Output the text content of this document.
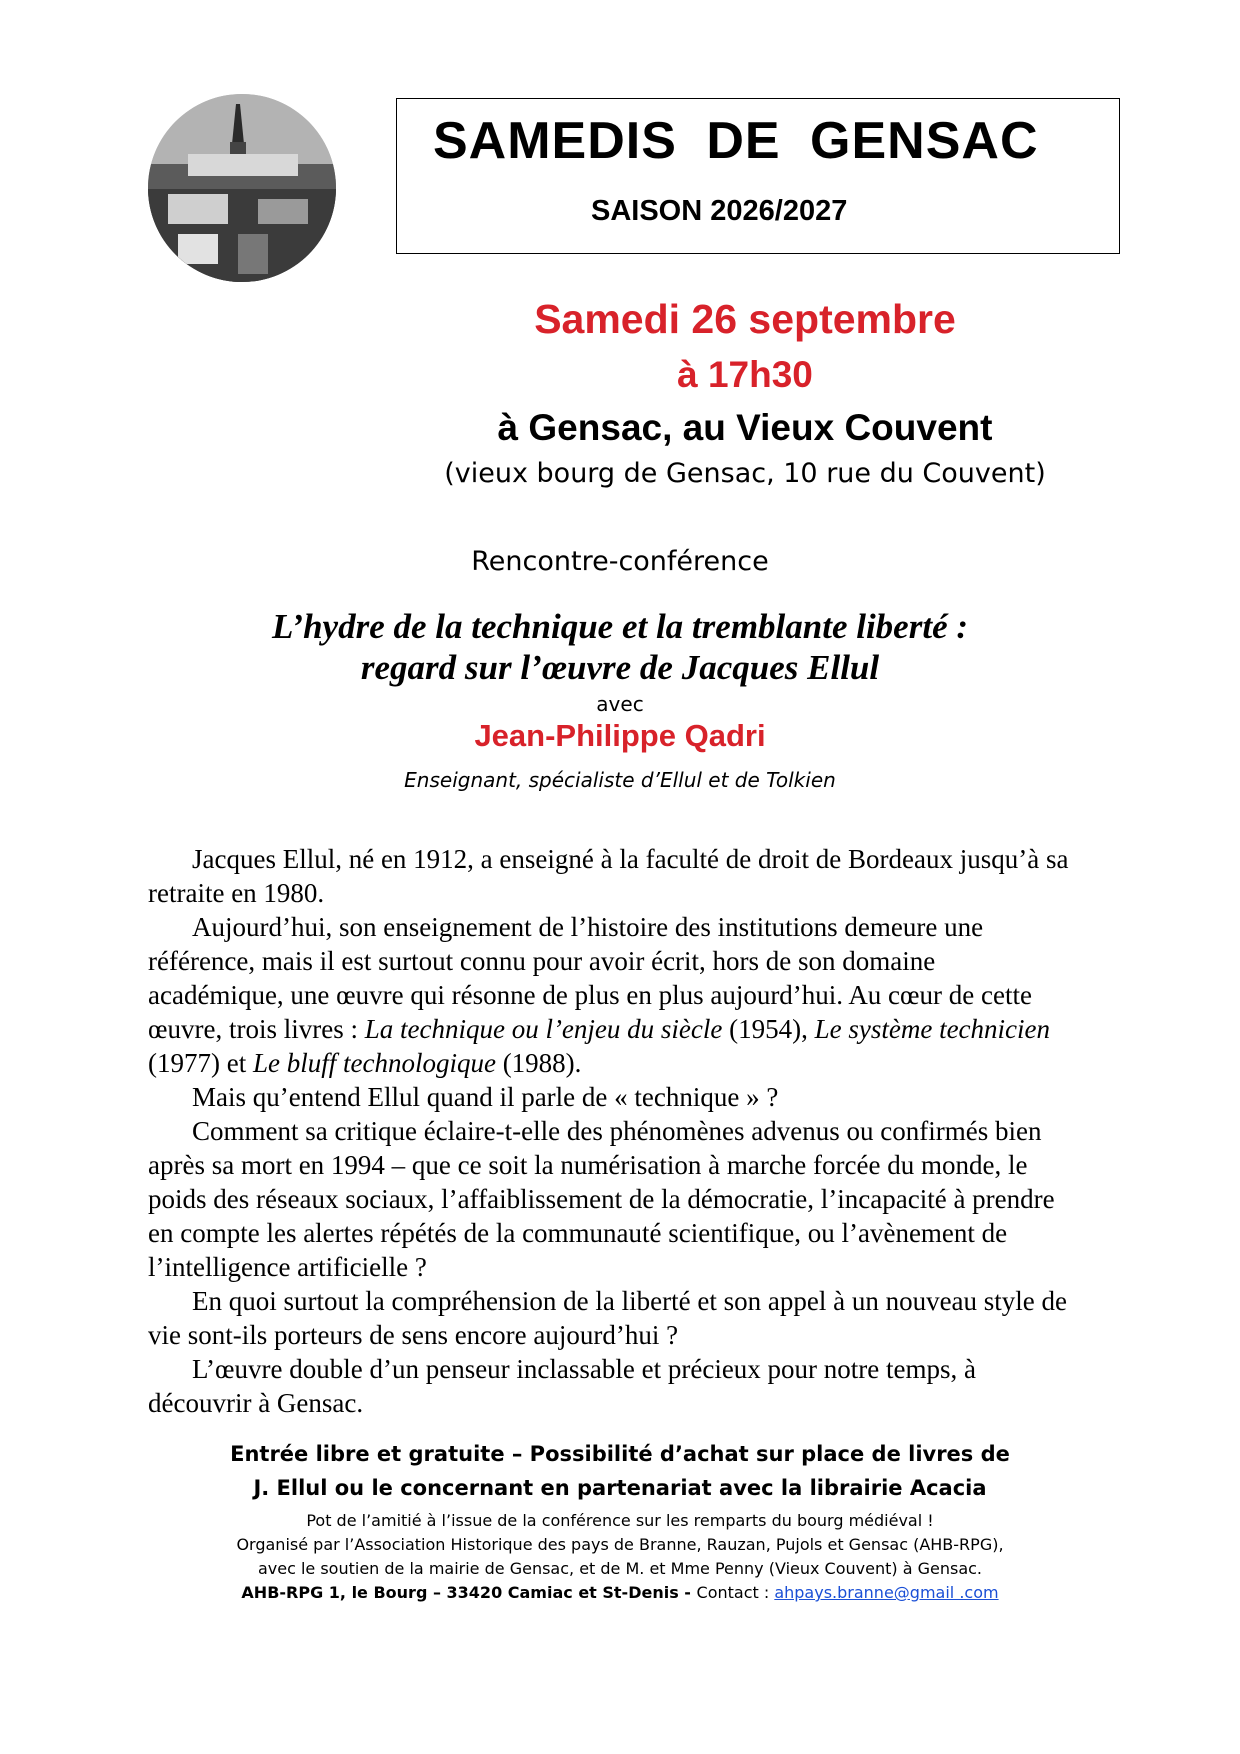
SAMEDIS DE GENSAC
SAISON 2026/2027
Samedi 26 septembre
à 17h30
à Gensac, au Vieux Couvent
(vieux bourg de Gensac, 10 rue du Couvent)
Rencontre-conférence
L’hydre de la technique et la tremblante liberté :
regard sur l’œuvre de Jacques Ellul
avec
Jean-Philippe Qadri
Enseignant, spécialiste d’Ellul et de Tolkien

Jacques Ellul, né en 1912, a enseigné à la faculté de droit de Bordeaux jusqu’à sa retraite en 1980.

Aujourd’hui, son enseignement de l’histoire des institutions demeure une référence, mais il est surtout connu pour avoir écrit, hors de son domaine académique, une œuvre qui résonne de plus en plus aujourd’hui. Au cœur de cette œuvre, trois livres : La technique ou l’enjeu du siècle (1954), Le système technicien (1977) et Le bluff technologique (1988).

Mais qu’entend Ellul quand il parle de « technique » ?

Comment sa critique éclaire-t-elle des phénomènes advenus ou confirmés bien après sa mort en 1994 – que ce soit la numérisation à marche forcée du monde, le poids des réseaux sociaux, l’affaiblissement de la démocratie, l’incapacité à prendre en compte les alertes répétés de la communauté scientifique, ou l’avènement de l’intelligence artificielle ?

En quoi surtout la compréhension de la liberté et son appel à un nouveau style de vie sont-ils porteurs de sens encore aujourd’hui ?

L’œuvre double d’un penseur inclassable et précieux pour notre temps, à découvrir à Gensac.

Entrée libre et gratuite – Possibilité d’achat sur place de livres de
J. Ellul ou le concernant en partenariat avec la librairie Acacia
Pot de l’amitié à l’issue de la conférence sur les remparts du bourg médiéval !
Organisé par l’Association Historique des pays de Branne, Rauzan, Pujols et Gensac (AHB-RPG),
avec le soutien de la mairie de Gensac, et de M. et Mme Penny (Vieux Couvent) à Gensac.
AHB-RPG 1, le Bourg – 33420 Camiac et St-Denis - Contact : ahpays.branne@gmail .com
